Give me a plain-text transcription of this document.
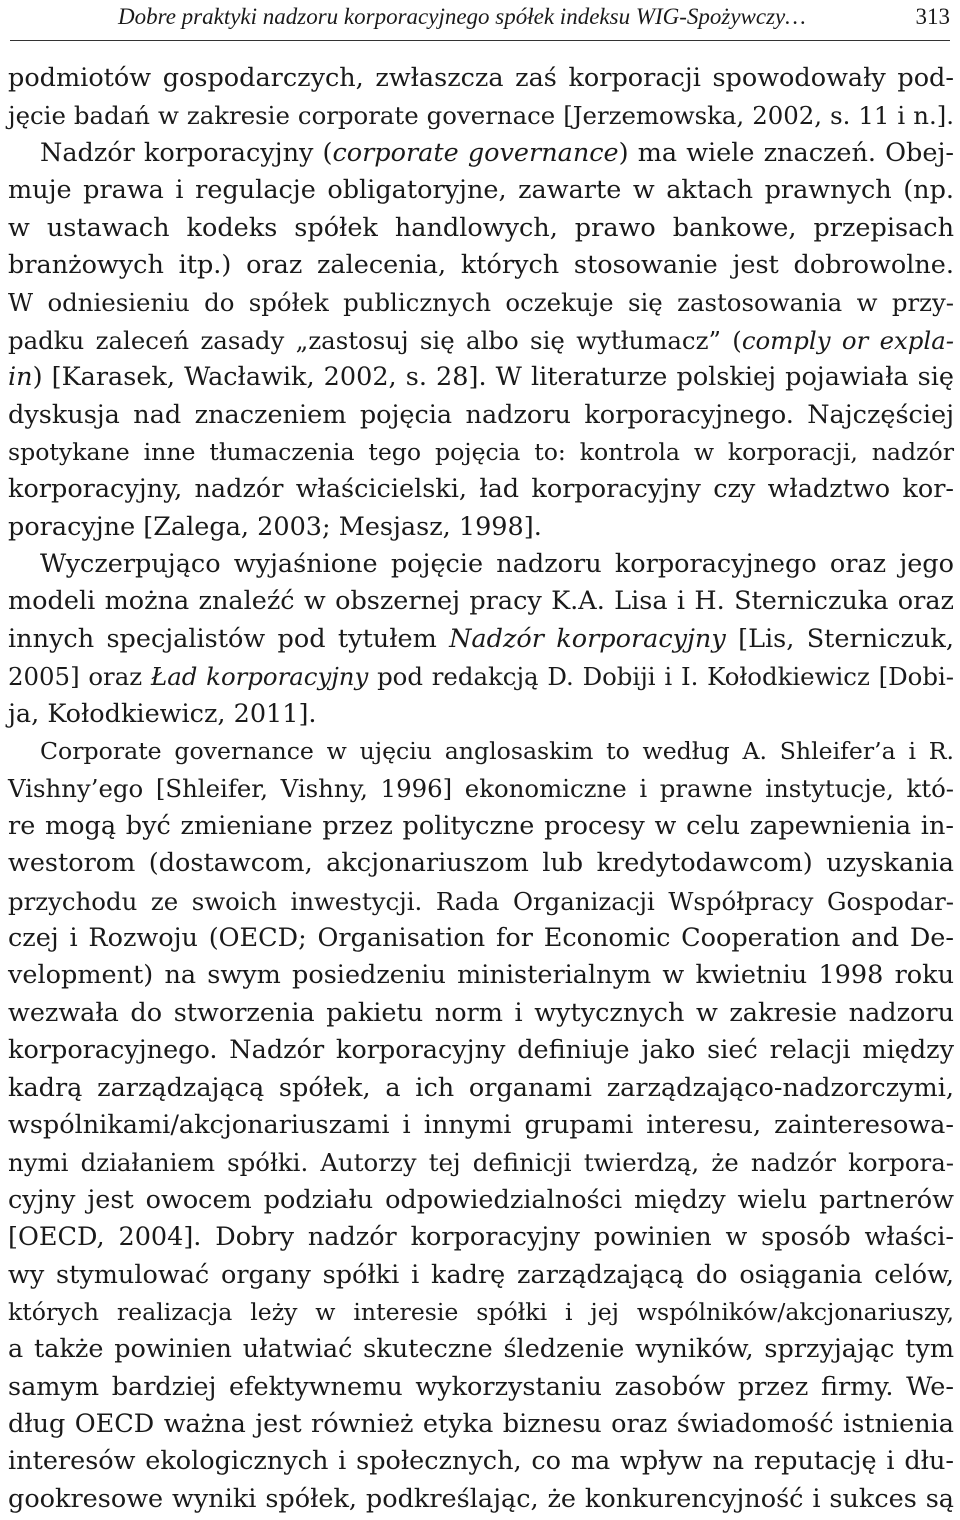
Dobre praktyki nadzoru korporacyjnego spółek indeksu WIG-Spożywczy…	313
podmiotów gospodarczych, zwłaszcza zaś korporacji spowodowały pod-
jęcie badań w zakresie corporate governace [Jerzemowska, 2002, s. 11 i n.].
Nadzór korporacyjny (corporate governance) ma wiele znaczeń. Obej-
muje prawa i regulacje obligatoryjne, zawarte w aktach prawnych (np.
w ustawach kodeks spółek handlowych, prawo bankowe, przepisach
branżowych itp.) oraz zalecenia, których stosowanie jest dobrowolne.
W odniesieniu do spółek publicznych oczekuje się zastosowania w przy-
padku zaleceń zasady „zastosuj się albo się wytłumacz” (comply or expla-
in) [Karasek, Wacławik, 2002, s. 28]. W literaturze polskiej pojawiała się
dyskusja nad znaczeniem pojęcia nadzoru korporacyjnego. Najczęściej
spotykane inne tłumaczenia tego pojęcia to: kontrola w korporacji, nadzór
korporacyjny, nadzór właścicielski, ład korporacyjny czy władztwo kor-
poracyjne [Zalega, 2003; Mesjasz, 1998].
Wyczerpująco wyjaśnione pojęcie nadzoru korporacyjnego oraz jego
modeli można znaleźć w obszernej pracy K.A. Lisa i H. Sterniczuka oraz
innych specjalistów pod tytułem Nadzór korporacyjny [Lis, Sterniczuk,
2005] oraz Ład korporacyjny pod redakcją D. Dobiji i I. Kołodkiewicz [Dobi-
ja, Kołodkiewicz, 2011].
Corporate governance w ujęciu anglosaskim to według A. Shleifer’a i R.
Vishny’ego [Shleifer, Vishny, 1996] ekonomiczne i prawne instytucje, któ-
re mogą być zmieniane przez polityczne procesy w celu zapewnienia in-
westorom (dostawcom, akcjonariuszom lub kredytodawcom) uzyskania
przychodu ze swoich inwestycji. Rada Organizacji Współpracy Gospodar-
czej i Rozwoju (OECD; Organisation for Economic Cooperation and De-
velopment) na swym posiedzeniu ministerialnym w kwietniu 1998 roku
wezwała do stworzenia pakietu norm i wytycznych w zakresie nadzoru
korporacyjnego. Nadzór korporacyjny definiuje jako sieć relacji między
kadrą zarządzającą spółek, a ich organami zarządzająco-nadzorczymi,
wspólnikami/akcjonariuszami i innymi grupami interesu, zainteresowa-
nymi działaniem spółki. Autorzy tej definicji twierdzą, że nadzór korpora-
cyjny jest owocem podziału odpowiedzialności między wielu partnerów
[OECD, 2004]. Dobry nadzór korporacyjny powinien w sposób właści-
wy stymulować organy spółki i kadrę zarządzającą do osiągania celów,
których realizacja leży w interesie spółki i jej wspólników/akcjonariuszy,
a także powinien ułatwiać skuteczne śledzenie wyników, sprzyjając tym
samym bardziej efektywnemu wykorzystaniu zasobów przez firmy. We-
dług OECD ważna jest również etyka biznesu oraz świadomość istnienia
interesów ekologicznych i społecznych, co ma wpływ na reputację i dłu-
gookresowe wyniki spółek, podkreślając, że konkurencyjność i sukces są
